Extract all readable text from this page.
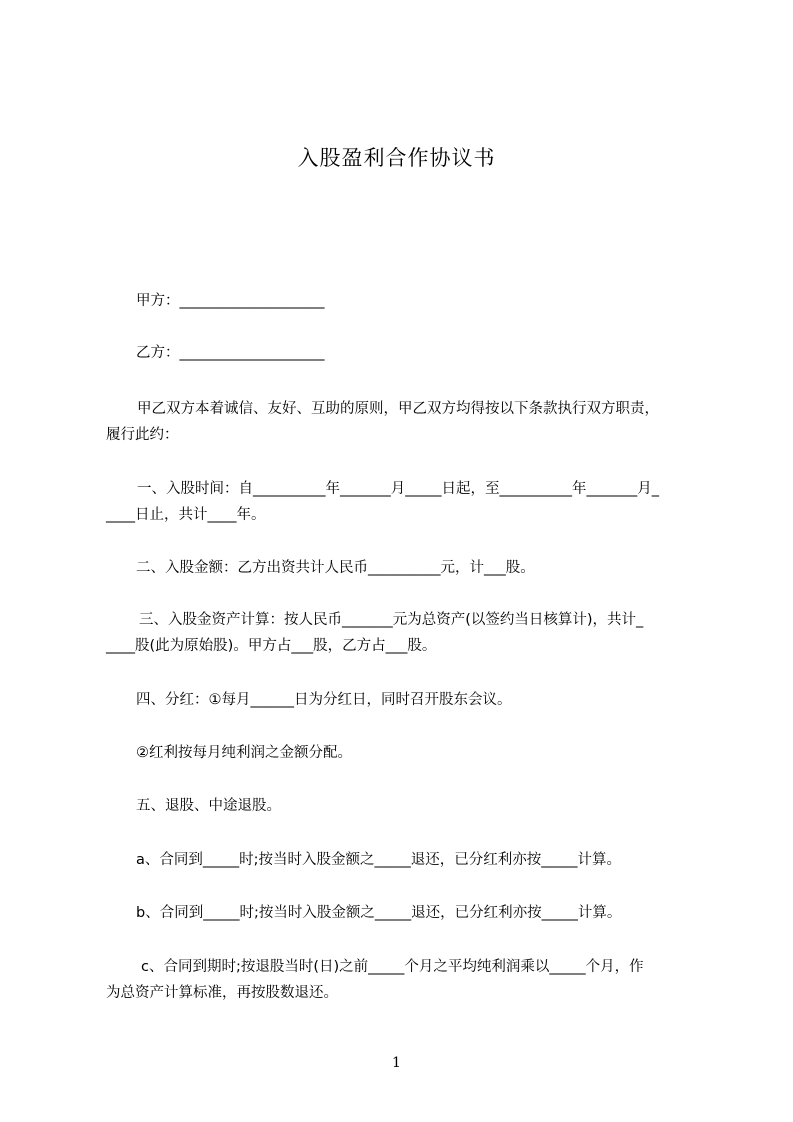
入股盈利合作协议书
甲方：____________________
乙方：____________________
甲乙双方本着诚信、友好、互助的原则，甲乙双方均得按以下条款执行双方职责，
履行此约：
一、入股时间：自__________年_______月_____日起，至__________年_______月_
____日止，共计____年。
二、入股金额：乙方出资共计人民币__________元，计___股。
三、入股金资产计算：按人民币_______元为总资产(以签约当日核算计)，共计_
____股(此为原始股)。甲方占___股，乙方占___股。
四、分红：①每月______日为分红日，同时召开股东会议。
②红利按每月纯利润之金额分配。
五、退股、中途退股。
a、合同到_____时;按当时入股金额之_____退还，已分红利亦按_____计算。
b、合同到_____时;按当时入股金额之_____退还，已分红利亦按_____计算。
c、合同到期时;按退股当时(日)之前_____个月之平均纯利润乘以_____个月，作
为总资产计算标准，再按股数退还。
1
